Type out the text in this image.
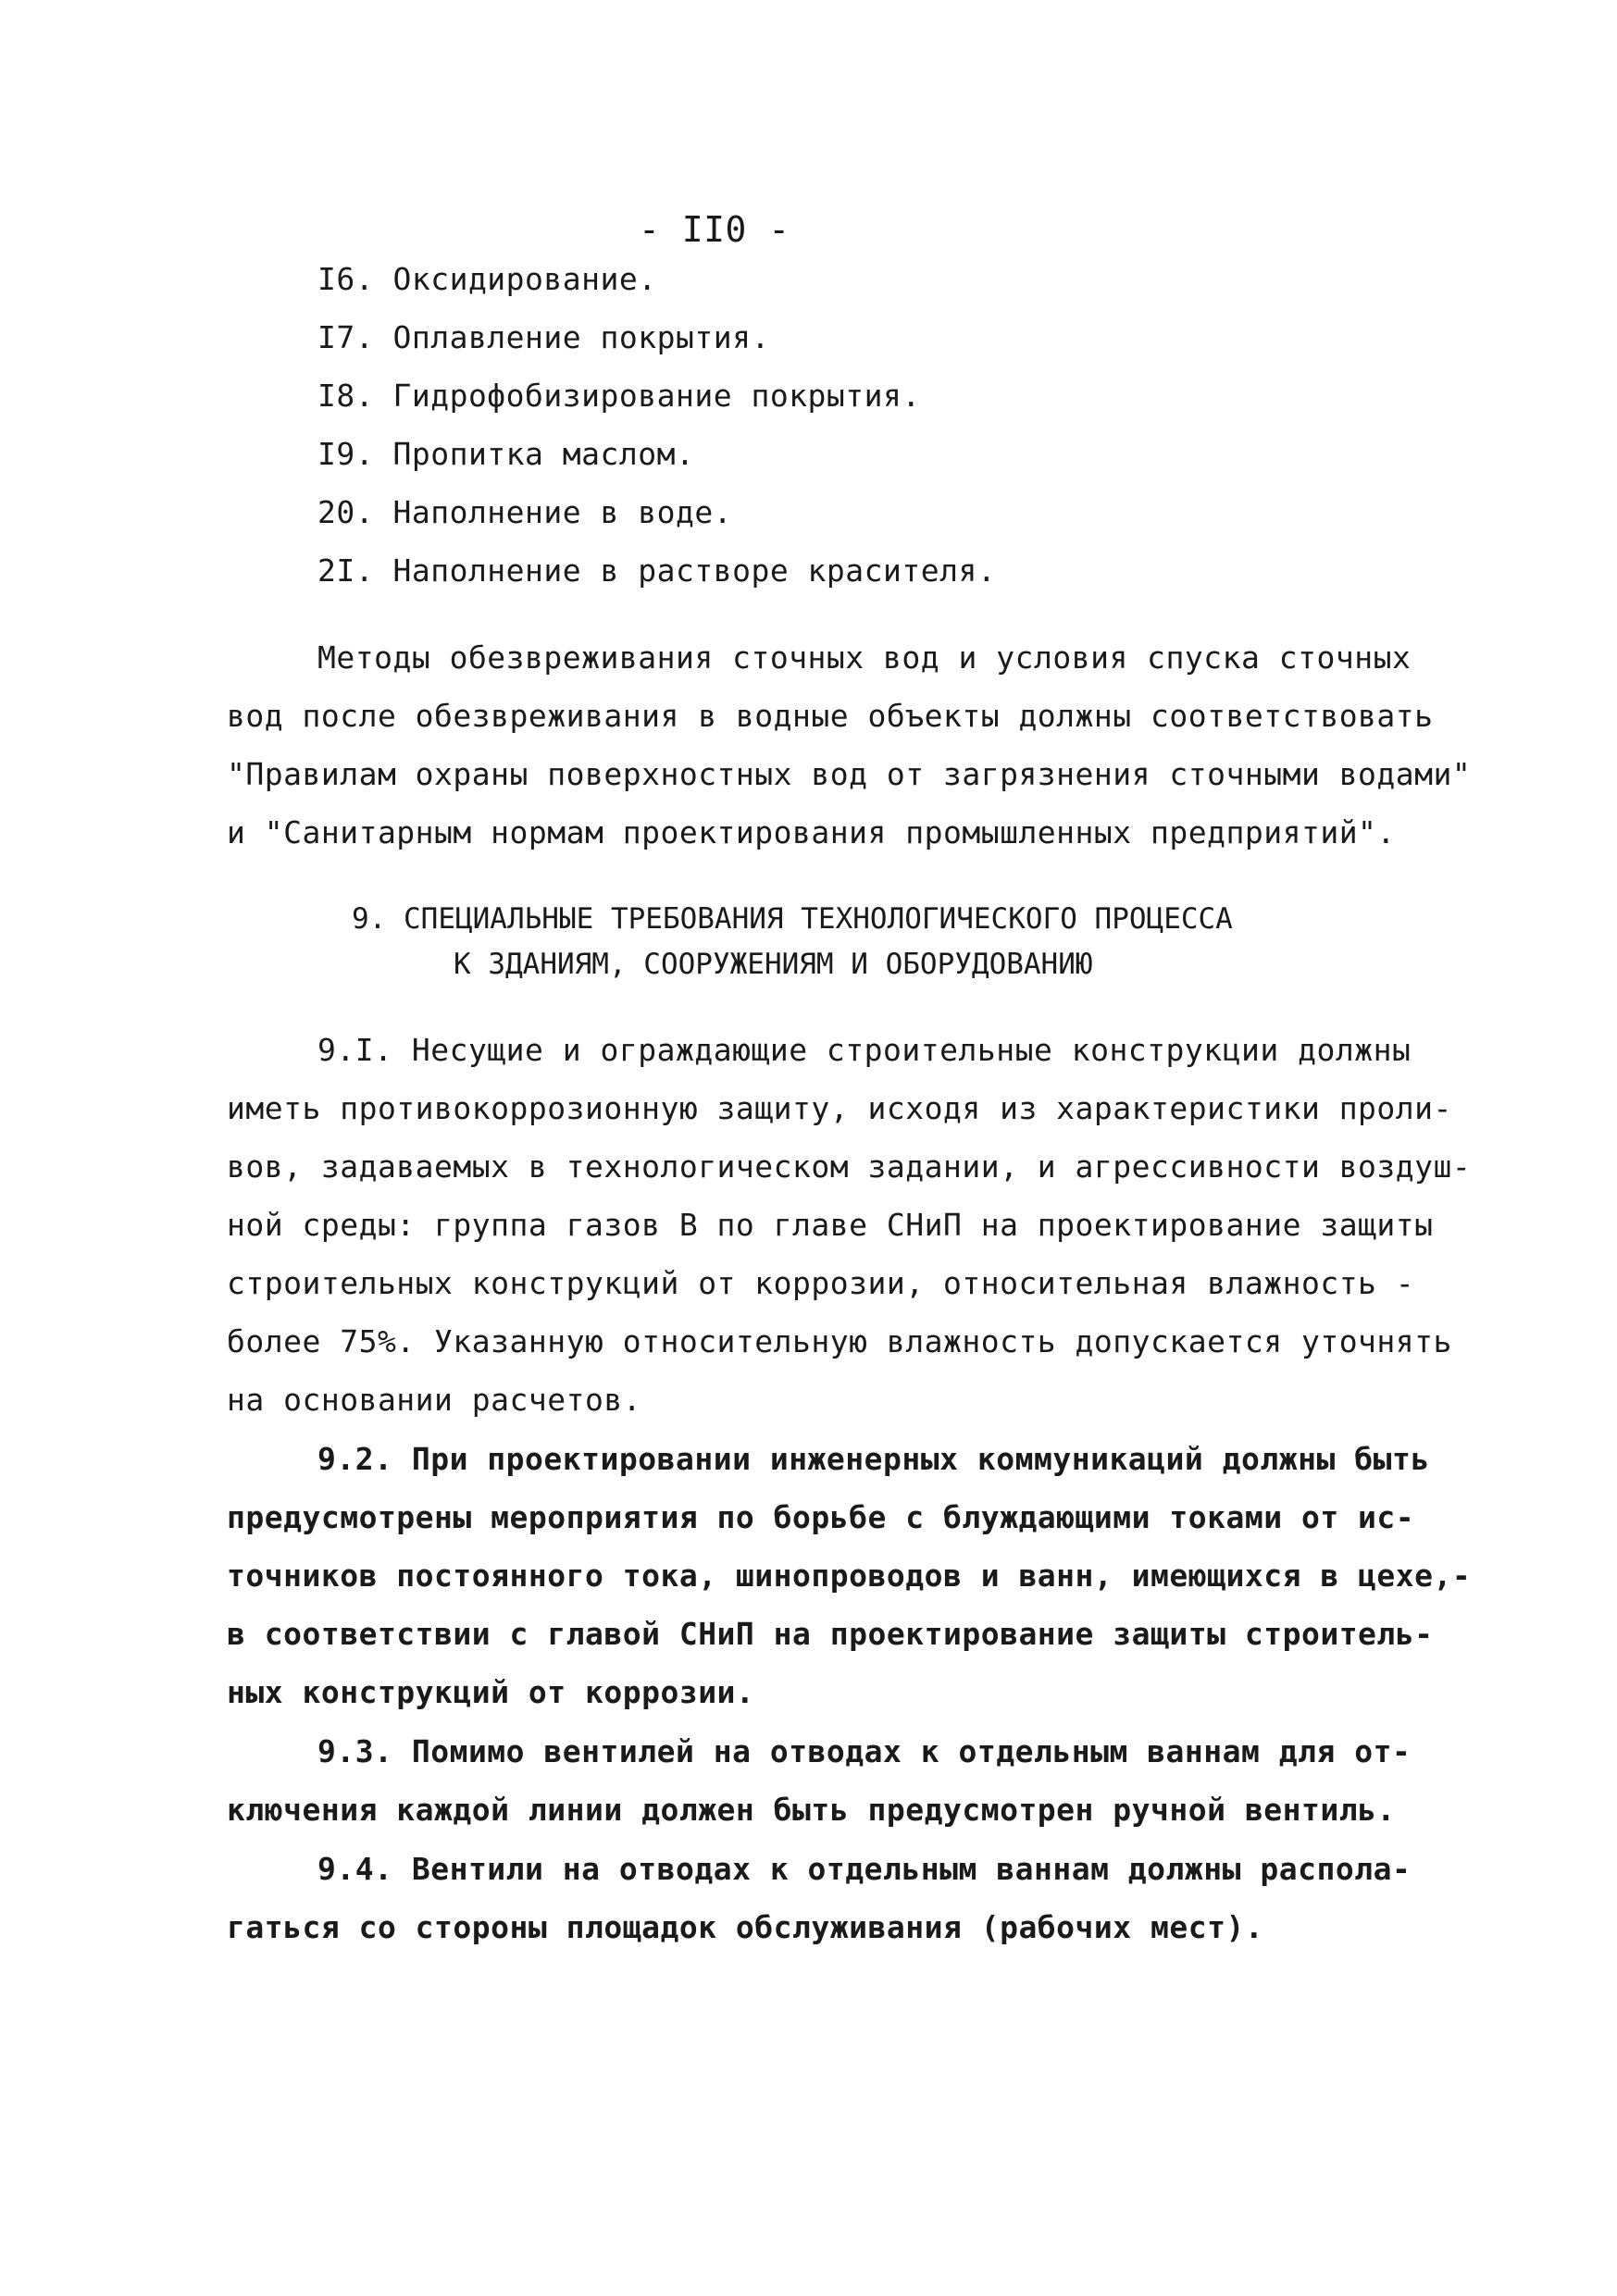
- II0 -
I6. Оксидирование.
I7. Оплавление покрытия.
I8. Гидрофобизирование покрытия.
I9. Пропитка маслом.
20. Наполнение в воде.
2I. Наполнение в растворе красителя.
Методы обезвреживания сточных вод и условия спуска сточных
вод после обезвреживания в водные объекты должны соответствовать
"Правилам охраны поверхностных вод от загрязнения сточными водами"
и "Санитарным нормам проектирования промышленных предприятий".
9. СПЕЦИАЛЬНЫЕ ТРЕБОВАНИЯ ТЕХНОЛОГИЧЕСКОГО ПРОЦЕССА
К ЗДАНИЯМ, СООРУЖЕНИЯМ И ОБОРУДОВАНИЮ
9.I. Несущие и ограждающие строительные конструкции должны
иметь противокоррозионную защиту, исходя из характеристики проли-
вов, задаваемых в технологическом задании, и агрессивности воздуш-
ной среды: группа газов В по главе СНиП на проектирование защиты
строительных конструкций от коррозии, относительная влажность -
более 75%. Указанную относительную влажность допускается уточнять
на основании расчетов.
9.2. При проектировании инженерных коммуникаций должны быть
предусмотрены мероприятия по борьбе с блуждающими токами от ис-
точников постоянного тока, шинопроводов и ванн, имеющихся в цехе,-
в соответствии с главой СНиП на проектирование защиты строитель-
ных конструкций от коррозии.
9.3. Помимо вентилей на отводах к отдельным ваннам для от-
ключения каждой линии должен быть предусмотрен ручной вентиль.
9.4. Вентили на отводах к отдельным ваннам должны распола-
гаться со стороны площадок обслуживания (рабочих мест).
